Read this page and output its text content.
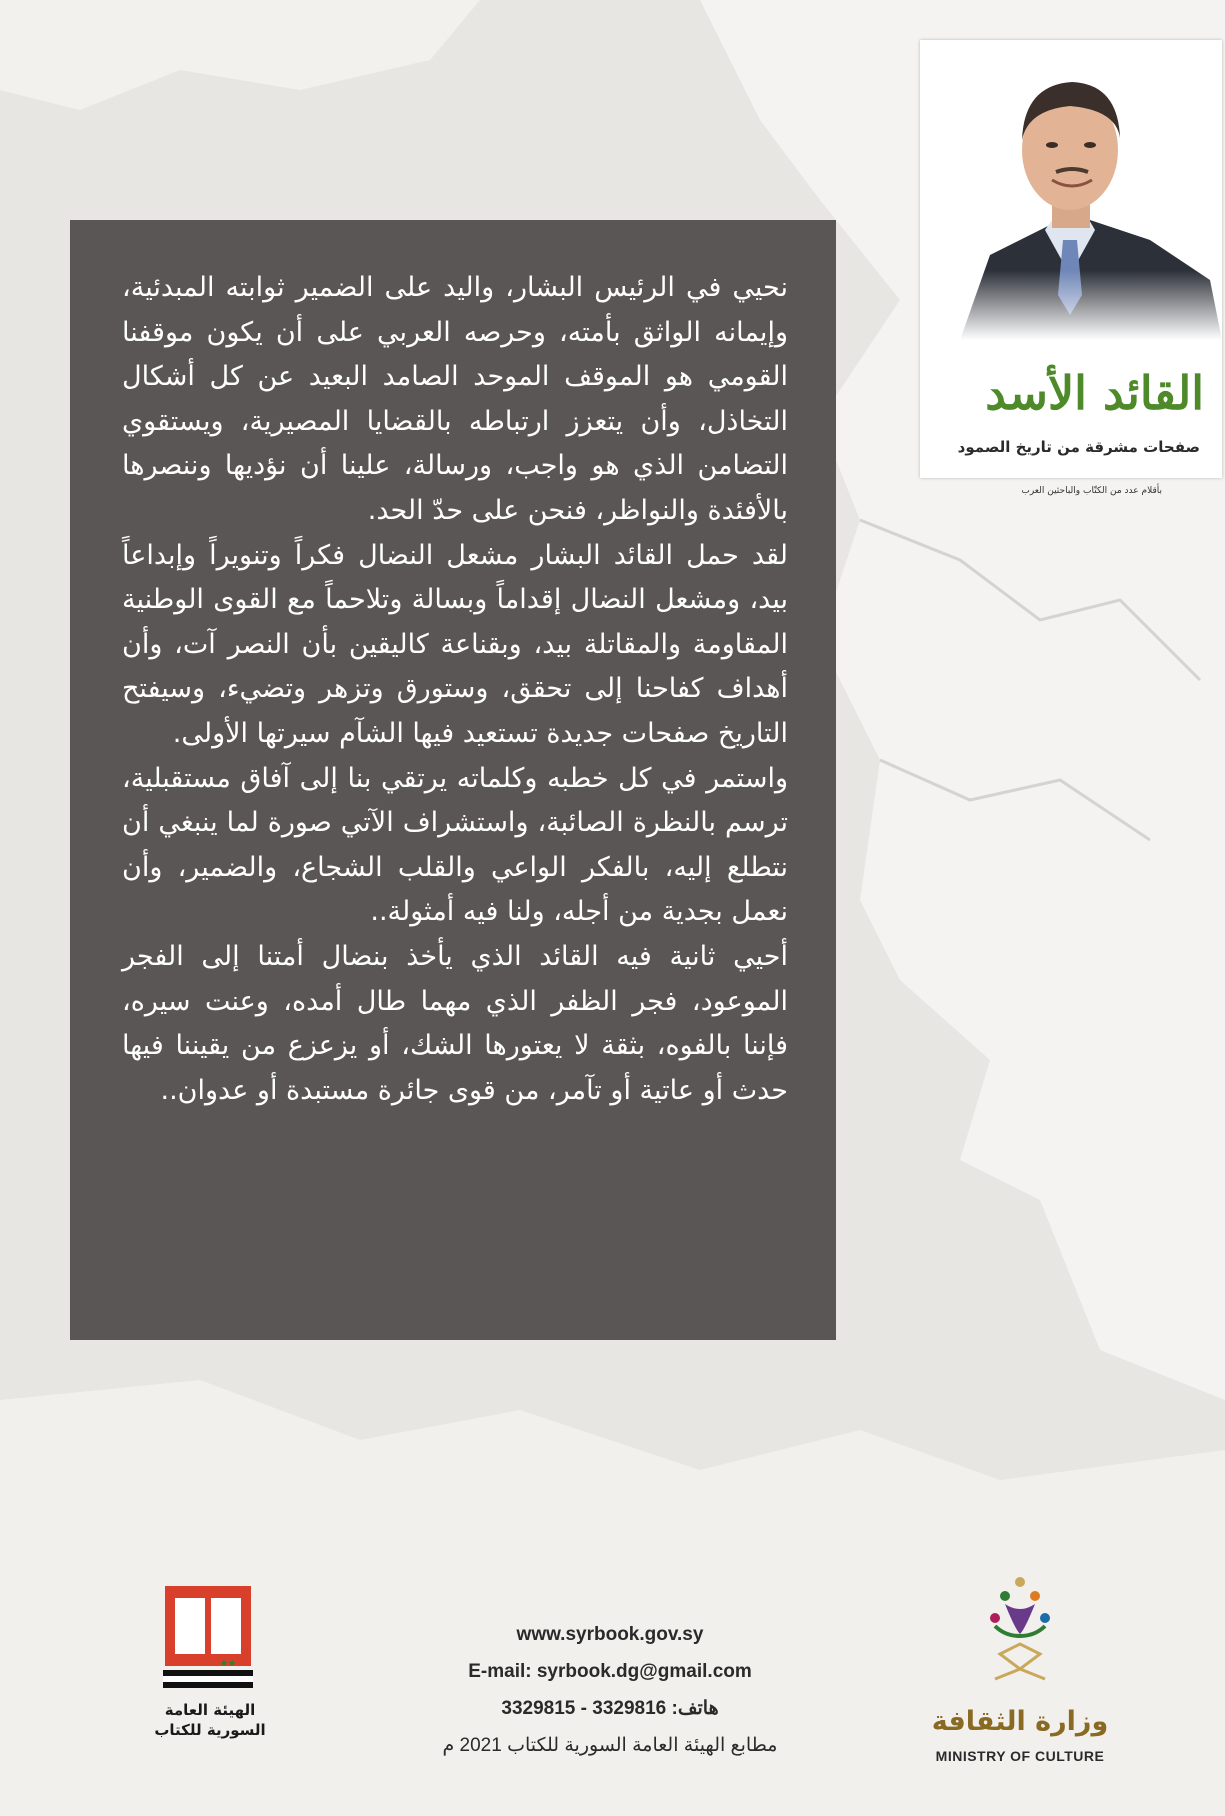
القائد الأسد

صفحات مشرقة من تاريخ الصمود

بأقلام عدد من الكتّاب والباحثين العرب

نحيي في الرئيس البشار، واليد على الضمير ثوابته المبدئية، وإيمانه الواثق بأمته، وحرصه العربي على أن يكون موقفنا القومي هو الموقف الموحد الصامد البعيد عن كل أشكال التخاذل، وأن يتعزز ارتباطه بالقضايا المصيرية، ويستقوي التضامن الذي هو واجب، ورسالة، علينا أن نؤديها وننصرها بالأفئدة والنواظر، فنحن على حدّ الحد.

لقد حمل القائد البشار مشعل النضال فكراً وتنويراً وإبداعاً بيد، ومشعل النضال إقداماً وبسالة وتلاحماً مع القوى الوطنية المقاومة والمقاتلة بيد، وبقناعة كاليقين بأن النصر آت، وأن أهداف كفاحنا إلى تحقق، وستورق وتزهر وتضيء، وسيفتح التاريخ صفحات جديدة تستعيد فيها الشآم سيرتها الأولى.

واستمر في كل خطبه وكلماته يرتقي بنا إلى آفاق مستقبلية، ترسم بالنظرة الصائبة، واستشراف الآتي صورة لما ينبغي أن نتطلع إليه، بالفكر الواعي والقلب الشجاع، والضمير، وأن نعمل بجدية من أجله، ولنا فيه أمثولة..

أحيي ثانية فيه القائد الذي يأخذ بنضال أمتنا إلى الفجر الموعود، فجر الظفر الذي مهما طال أمده، وعنت سيره، فإننا بالفوه، بثقة لا يعتورها الشك، أو يزعزع من يقيننا فيها حدث أو عاتية أو تآمر، من قوى جائرة مستبدة أو عدوان..

★★

الهيئة العامة
السورية للكتاب

www.syrbook.gov.sy

E-mail: syrbook.dg@gmail.com

هاتف: 3329816 - 3329815

مطابع الهيئة العامة السورية للكتاب 2021 م

وزارة الثقافة

MINISTRY OF CULTURE
